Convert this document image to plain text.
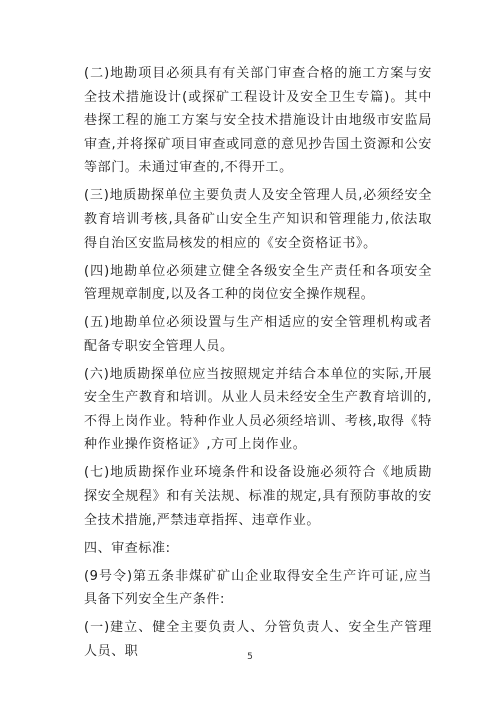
(二)地勘项目必须具有有关部门审查合格的施工方案与安全技术措施设计(或探矿工程设计及安全卫生专篇)。其中巷探工程的施工方案与安全技术措施设计由地级市安监局审查,并将探矿项目审查或同意的意见抄告国土资源和公安等部门。未通过审查的,不得开工。

(三)地质勘探单位主要负责人及安全管理人员,必须经安全教育培训考核,具备矿山安全生产知识和管理能力,依法取得自治区安监局核发的相应的《安全资格证书》。

(四)地勘单位必须建立健全各级安全生产责任和各项安全管理规章制度,以及各工种的岗位安全操作规程。

(五)地勘单位必须设置与生产相适应的安全管理机构或者配备专职安全管理人员。

(六)地质勘探单位应当按照规定并结合本单位的实际,开展安全生产教育和培训。从业人员未经安全生产教育培训的,不得上岗作业。特种作业人员必须经培训、考核,取得《特种作业操作资格证》,方可上岗作业。

(七)地质勘探作业环境条件和设备设施必须符合《地质勘探安全规程》和有关法规、标准的规定,具有预防事故的安全技术措施,严禁违章指挥、违章作业。

四、审查标准:

(9号令)第五条非煤矿矿山企业取得安全生产许可证,应当具备下列安全生产条件:

(一)建立、健全主要负责人、分管负责人、安全生产管理人员、职	5
